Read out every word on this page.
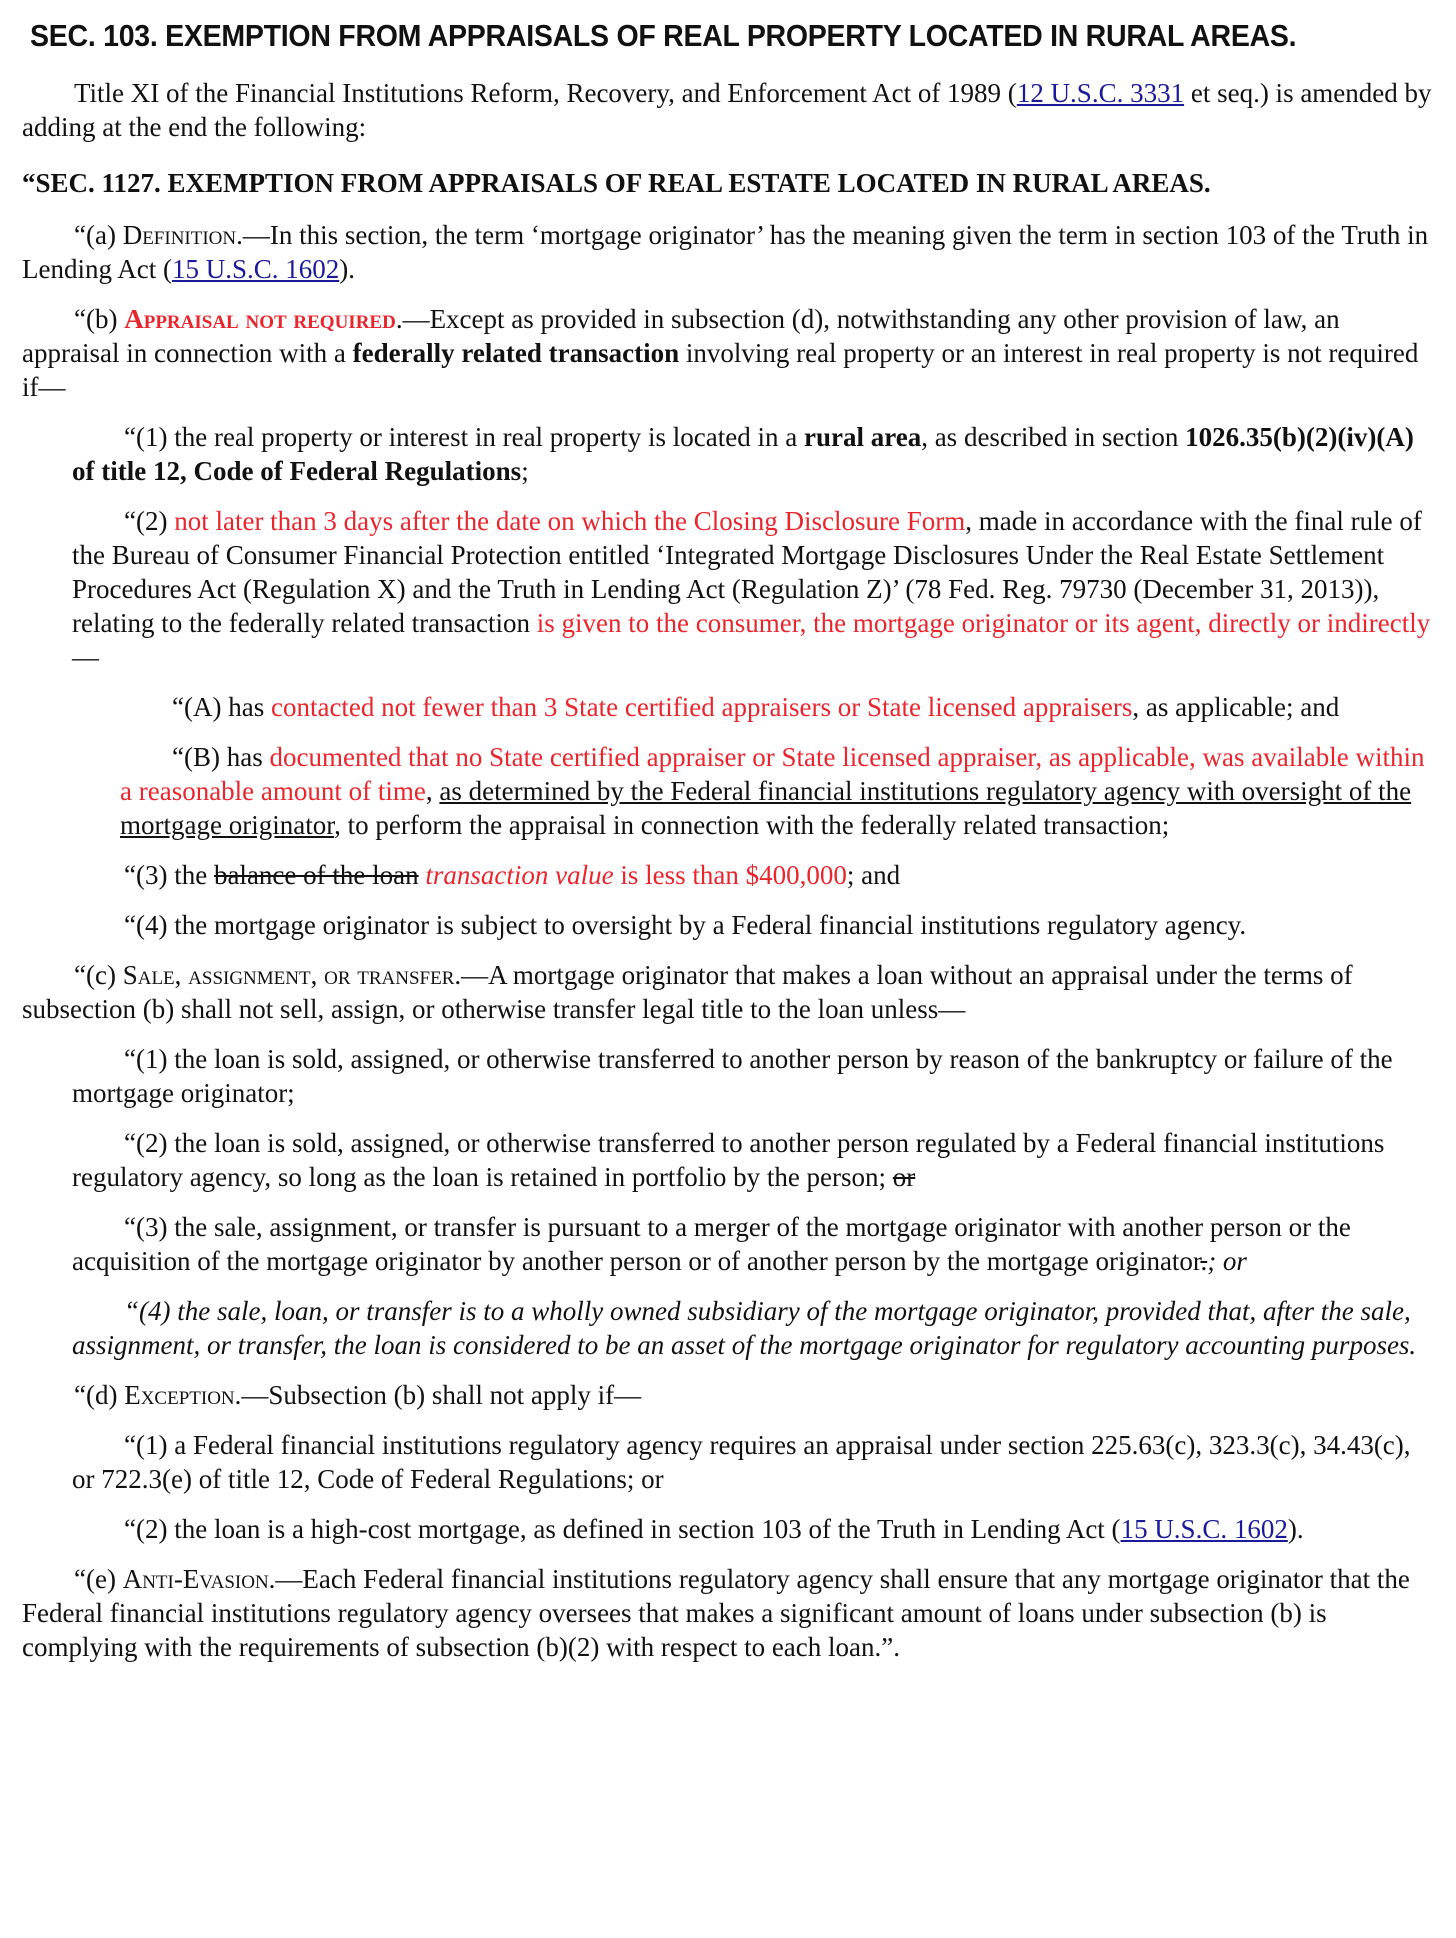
SEC. 103. EXEMPTION FROM APPRAISALS OF REAL PROPERTY LOCATED IN RURAL AREAS.

Title XI of the Financial Institutions Reform, Recovery, and Enforcement Act of 1989 (12 U.S.C. 3331 et seq.) is amended by adding at the end the following:

“SEC. 1127. EXEMPTION FROM APPRAISALS OF REAL ESTATE LOCATED IN RURAL AREAS.

“(a) Definition.—In this section, the term ‘mortgage originator’ has the meaning given the term in section 103 of the Truth in Lending Act (15 U.S.C. 1602).

“(b) Appraisal not required.—Except as provided in subsection (d), notwithstanding any other provision of law, an appraisal in connection with a federally related transaction involving real property or an interest in real property is not required if—

“(1) the real property or interest in real property is located in a rural area, as described in section 1026.35(b)(2)(iv)(A) of title 12, Code of Federal Regulations;

“(2) not later than 3 days after the date on which the Closing Disclosure Form, made in accordance with the final rule of the Bureau of Consumer Financial Protection entitled ‘Integrated Mortgage Disclosures Under the Real Estate Settlement Procedures Act (Regulation X) and the Truth in Lending Act (Regulation Z)’ (78 Fed. Reg. 79730 (December 31, 2013)), relating to the federally related transaction is given to the consumer, the mortgage originator or its agent, directly or indirectly—

“(A) has contacted not fewer than 3 State certified appraisers or State licensed appraisers, as applicable; and

“(B) has documented that no State certified appraiser or State licensed appraiser, as applicable, was available within a reasonable amount of time, as determined by the Federal financial institutions regulatory agency with oversight of the mortgage originator, to perform the appraisal in connection with the federally related transaction;

“(3) the balance of the loan transaction value is less than $400,000; and

“(4) the mortgage originator is subject to oversight by a Federal financial institutions regulatory agency.

“(c) Sale, assignment, or transfer.—A mortgage originator that makes a loan without an appraisal under the terms of subsection (b) shall not sell, assign, or otherwise transfer legal title to the loan unless—

“(1) the loan is sold, assigned, or otherwise transferred to another person by reason of the bankruptcy or failure of the mortgage originator;

“(2) the loan is sold, assigned, or otherwise transferred to another person regulated by a Federal financial institutions regulatory agency, so long as the loan is retained in portfolio by the person; or

“(3) the sale, assignment, or transfer is pursuant to a merger of the mortgage originator with another person or the acquisition of the mortgage originator by another person or of another person by the mortgage originator.; or

“(4) the sale, loan, or transfer is to a wholly owned subsidiary of the mortgage originator, provided that, after the sale, assignment, or transfer, the loan is considered to be an asset of the mortgage originator for regulatory accounting purposes.

“(d) Exception.—Subsection (b) shall not apply if—

“(1) a Federal financial institutions regulatory agency requires an appraisal under section 225.63(c), 323.3(c), 34.43(c), or 722.3(e) of title 12, Code of Federal Regulations; or

“(2) the loan is a high-cost mortgage, as defined in section 103 of the Truth in Lending Act (15 U.S.C. 1602).

“(e) Anti-Evasion.—Each Federal financial institutions regulatory agency shall ensure that any mortgage originator that the Federal financial institutions regulatory agency oversees that makes a significant amount of loans under subsection (b) is complying with the requirements of subsection (b)(2) with respect to each loan.”.
